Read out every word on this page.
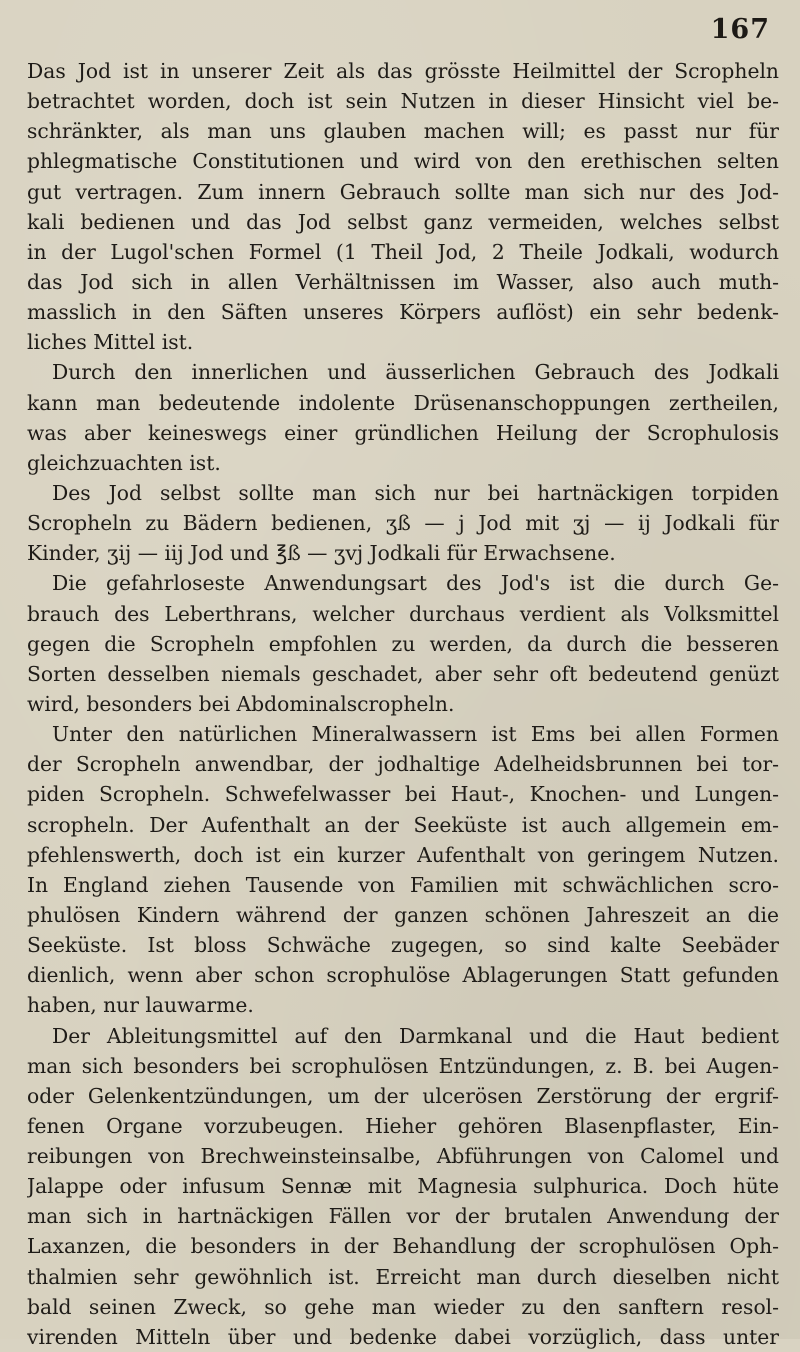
167
Das Jod ist in unserer Zeit als das grösste Heilmittel der Scropheln
betrachtet worden, doch ist sein Nutzen in dieser Hinsicht viel be-
schränkter, als man uns glauben machen will; es passt nur für
phlegmatische Constitutionen und wird von den erethischen selten
gut vertragen. Zum innern Gebrauch sollte man sich nur des Jod-
kali bedienen und das Jod selbst ganz vermeiden, welches selbst
in der Lugol'schen Formel (1 Theil Jod, 2 Theile Jodkali, wodurch
das Jod sich in allen Verhältnissen im Wasser, also auch muth-
masslich in den Säften unseres Körpers auflöst) ein sehr bedenk-
liches Mittel ist.
Durch den innerlichen und äusserlichen Gebrauch des Jodkali
kann man bedeutende indolente Drüsenanschoppungen zertheilen,
was aber keineswegs einer gründlichen Heilung der Scrophulosis
gleichzuachten ist.
Des Jod selbst sollte man sich nur bei hartnäckigen torpiden
Scropheln zu Bädern bedienen, ʒß — j Jod mit ʒj — ij Jodkali für
Kinder, ʒij — iij Jod und ℥ß — ʒvj Jodkali für Erwachsene.
Die gefahrloseste Anwendungsart des Jod's ist die durch Ge-
brauch des Leberthrans, welcher durchaus verdient als Volksmittel
gegen die Scropheln empfohlen zu werden, da durch die besseren
Sorten desselben niemals geschadet, aber sehr oft bedeutend genüzt
wird, besonders bei Abdominalscropheln.
Unter den natürlichen Mineralwassern ist Ems bei allen Formen
der Scropheln anwendbar, der jodhaltige Adelheidsbrunnen bei tor-
piden Scropheln. Schwefelwasser bei Haut-, Knochen- und Lungen-
scropheln. Der Aufenthalt an der Seeküste ist auch allgemein em-
pfehlenswerth, doch ist ein kurzer Aufenthalt von geringem Nutzen.
In England ziehen Tausende von Familien mit schwächlichen scro-
phulösen Kindern während der ganzen schönen Jahreszeit an die
Seeküste. Ist bloss Schwäche zugegen, so sind kalte Seebäder
dienlich, wenn aber schon scrophulöse Ablagerungen Statt gefunden
haben, nur lauwarme.
Der Ableitungsmittel auf den Darmkanal und die Haut bedient
man sich besonders bei scrophulösen Entzündungen, z. B. bei Augen-
oder Gelenkentzündungen, um der ulcerösen Zerstörung der ergrif-
fenen Organe vorzubeugen. Hieher gehören Blasenpflaster, Ein-
reibungen von Brechweinsteinsalbe, Abführungen von Calomel und
Jalappe oder infusum Sennæ mit Magnesia sulphurica. Doch hüte
man sich in hartnäckigen Fällen vor der brutalen Anwendung der
Laxanzen, die besonders in der Behandlung der scrophulösen Oph-
thalmien sehr gewöhnlich ist. Erreicht man durch dieselben nicht
bald seinen Zweck, so gehe man wieder zu den sanftern resol-
virenden Mitteln über und bedenke dabei vorzüglich, dass unter
